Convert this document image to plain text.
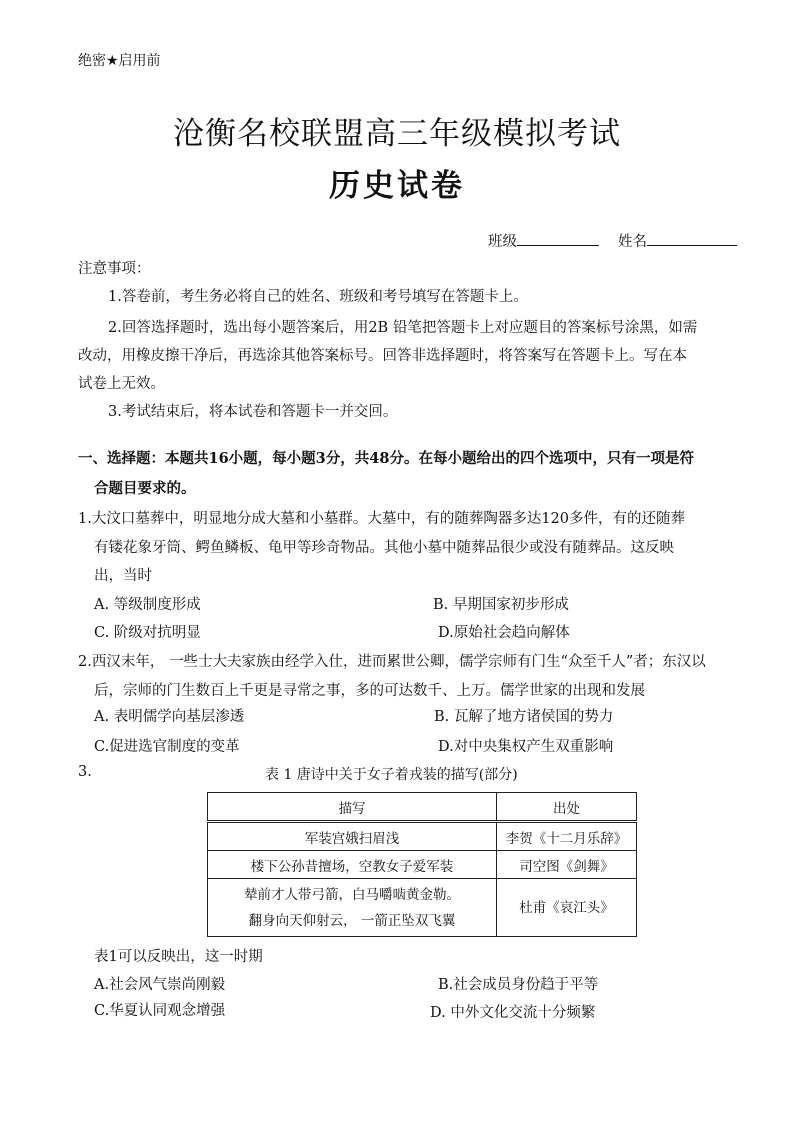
绝密★启用前
沧衡名校联盟高三年级模拟考试
历史试卷
班级	姓名
注意事项：
1.答卷前，考生务必将自己的姓名、班级和考号填写在答题卡上。
2.回答选择题时，选出每小题答案后，用2B 铅笔把答题卡上对应题目的答案标号涂黑，如需
改动，用橡皮擦干净后，再选涂其他答案标号。回答非选择题时，将答案写在答题卡上。写在本
试卷上无效。
3.考试结束后，将本试卷和答题卡一并交回。
一、选择题：本题共16小题，每小题3分，共48分。在每小题给出的四个选项中，只有一项是符
合题目要求的。
1.大汶口墓葬中，明显地分成大墓和小墓群。大墓中，有的随葬陶器多达120多件，有的还随葬
有镂花象牙筒、鳄鱼鳞板、龟甲等珍奇物品。其他小墓中随葬品很少或没有随葬品。这反映
出，当时
A. 等级制度形成	B. 早期国家初步形成
C. 阶级对抗明显	D.原始社会趋向解体
2.西汉末年， 一些士大夫家族由经学入仕，进而累世公卿，儒学宗师有门生“众至千人”者；东汉以
后，宗师的门生数百上千更是寻常之事，多的可达数千、上万。儒学世家的出现和发展
A. 表明儒学向基层渗透	B. 瓦解了地方诸侯国的势力
C.促进选官制度的变革	D.对中央集权产生双重影响
3.	表 1 唐诗中关于女子着戎装的描写(部分)
描写	出处
军装宫娥扫眉浅	李贺《十二月乐辞》
楼下公孙昔擅场，空教女子爱军装	司空图《剑舞》

辇前才人带弓箭，白马嚼啮黄金勒。
翻身向天仰射云， 一箭正坠双飞翼	杜甫《哀江头》
表1可以反映出，这一时期
A.社会风气崇尚刚毅	B.社会成员身份趋于平等
C.华夏认同观念增强	D. 中外文化交流十分频繁
